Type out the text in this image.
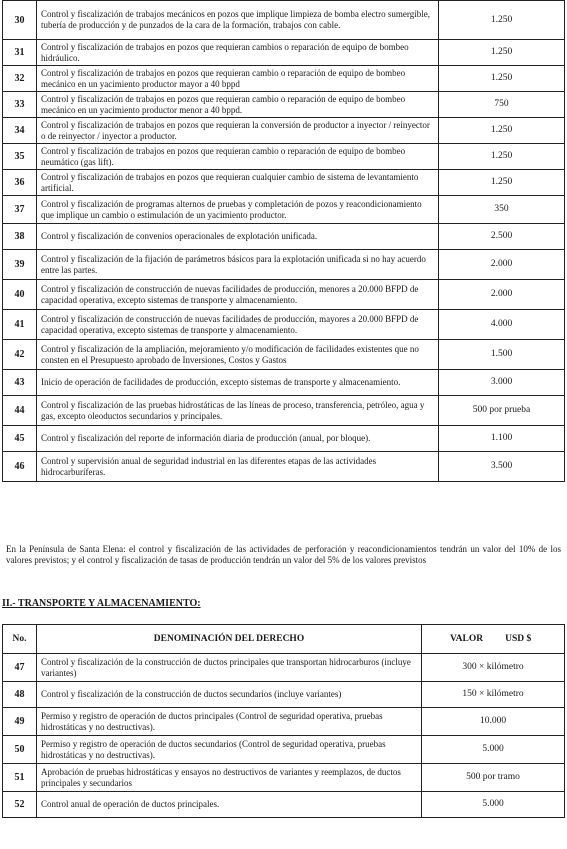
30	Control y fiscalización de trabajos mecánicos en pozos que implique limpieza de bomba electro sumergible, tubería de producción y de punzados de la cara de la formación, trabajos con cable.	1.250
31	Control y fiscalización de trabajos en pozos que requieran cambios o reparación de equipo de bombeo hidráulico.	1.250
32	Control y fiscalización de trabajos en pozos que requieran cambio o reparación de equipo de bombeo mecánico en un yacimiento productor mayor a 40 bppd	1.250
33	Control y fiscalización de trabajos en pozos que requieran cambio o reparación de equipo de bombeo mecánico en un yacimiento productor menor a 40 bppd.	750
34	Control y fiscalización de trabajos en pozos que requieran la conversión de productor a inyector / reinyector o de reinyector / inyector a productor.	1.250
35	Control y fiscalización de trabajos en pozos que requieran cambio o reparación de equipo de bombeo neumático (gas lift).	1.250
36	Control y fiscalización de trabajos en pozos que requieran cualquier cambio de sistema de levantamiento artificial.	1.250
37	Control y fiscalización de programas alternos de pruebas y completación de pozos y reacondicionamiento que implique un cambio o estimulación de un yacimiento productor.	350
38	Control y fiscalización de convenios operacionales de explotación unificada.	2.500
39	Control y fiscalización de la fijación de parámetros básicos para la explotación unificada si no hay acuerdo entre las partes.	2.000
40	Control y fiscalización de construcción de nuevas facilidades de producción, menores a 20.000 BFPD de capacidad operativa, excepto sistemas de transporte y almacenamiento.	2.000
41	Control y fiscalización de construcción de nuevas facilidades de producción, mayores a 20.000 BFPD de capacidad operativa, excepto sistemas de transporte y almacenamiento.	4.000
42	Control y fiscalización de la ampliación, mejoramiento y/o modificación de facilidades existentes que no consten en el Presupuesto aprobado de Inversiones, Costos y Gastos	1.500
43	Inicio de operación de facilidades de producción, excepto sistemas de transporte y almacenamiento.	3.000
44	Control y fiscalización de las pruebas hidrostáticas de las líneas de proceso, transferencia, petróleo, agua y gas, excepto oleoductos secundarios y principales.	500 por prueba
45	Control y fiscalización del reporte de información diaria de producción (anual, por bloque).	1.100
46	Control y supervisión anual de seguridad industrial en las diferentes etapas de las actividades hidrocarburíferas.	3.500
En la Península de Santa Elena: el control y fiscalización de las actividades de perforación y reacondicionamientos tendrán un valor del 10% de los valores previstos; y el control y fiscalización de tasas de producción tendrán un valor del 5% de los valores previstos
II.- TRANSPORTE Y ALMACENAMIENTO:
No.	DENOMINACIÓN DEL DERECHO	VALOR USD $
47	Control y fiscalización de la construcción de ductos principales que transportan hidrocarburos (incluye variantes)	300 × kilómetro
48	Control y fiscalización de la construcción de ductos secundarios (incluye variantes)	150 × kilómetro
49	Permiso y registro de operación de ductos principales (Control de seguridad operativa, pruebas hidrostáticas y no destructivas).	10.000
50	Permiso y registro de operación de ductos secundarios (Control de seguridad operativa, pruebas hidrostáticas y no destructivas).	5.000
51	Aprobación de pruebas hidrostáticas y ensayos no destructivos de variantes y reemplazos, de ductos principales y secundarios	500 por tramo
52	Control anual de operación de ductos principales.	5.000
